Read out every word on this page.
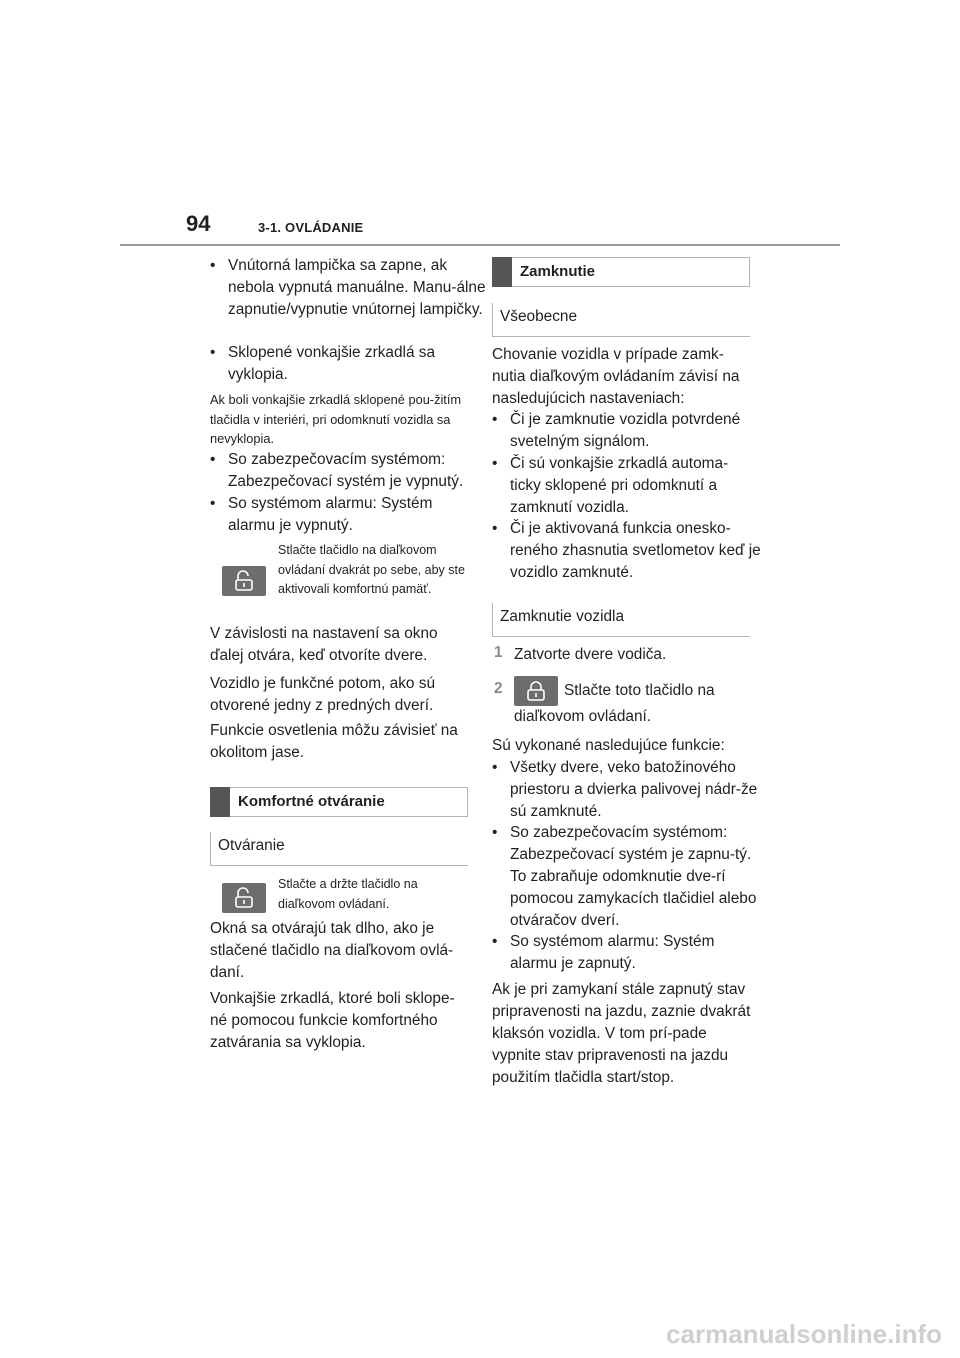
94	3-1. OVLÁDANIE
• Vnútorná lampička sa zapne, ak nebola vypnutá manuálne. Manu-álne zapnutie/vypnutie vnútornej lampičky.
• Sklopené vonkajšie zrkadlá sa vyklopia.
Ak boli vonkajšie zrkadlá sklopené pou-žitím tlačidla v interiéri, pri odomknutí vozidla sa nevyklopia.
• So zabezpečovacím systémom: Zabezpečovací systém je vypnutý.
• So systémom alarmu: Systém alarmu je vypnutý.
Stlačte tlačidlo na diaľkovom ovládaní dvakrát po sebe, aby ste aktivovali komfortnú pamäť.
V závislosti na nastavení sa okno ďalej otvára, keď otvoríte dvere.
Vozidlo je funkčné potom, ako sú otvorené jedny z predných dverí.
Funkcie osvetlenia môžu závisieť na okolitom jase.
Komfortné otváranie
Otváranie
Stlačte a držte tlačidlo na diaľkovom ovládaní.
Okná sa otvárajú tak dlho, ako je stlačené tlačidlo na diaľkovom ovlá-daní.
Vonkajšie zrkadlá, ktoré boli sklope-né pomocou funkcie komfortného zatvárania sa vyklopia.
Zamknutie
Všeobecne
Chovanie vozidla v prípade zamk-nutia diaľkovým ovládaním závisí na nasledujúcich nastaveniach:
• Či je zamknutie vozidla potvrdené svetelným signálom.
• Či sú vonkajšie zrkadlá automa-ticky sklopené pri odomknutí a zamknutí vozidla.
• Či je aktivovaná funkcia onesko-reného zhasnutia svetlometov keď je vozidlo zamknuté.
Zamknutie vozidla
1 Zatvorte dvere vodiča.
2	Stlačte toto tlačidlo na
diaľkovom ovládaní.
Sú vykonané nasledujúce funkcie:
• Všetky dvere, veko batožinového priestoru a dvierka palivovej nádr-že sú zamknuté.
• So zabezpečovacím systémom: Zabezpečovací systém je zapnu-tý. To zabraňuje odomknutie dve-rí pomocou zamykacích tlačidiel alebo otváračov dverí.
• So systémom alarmu: Systém alarmu je zapnutý.
Ak je pri zamykaní stále zapnutý stav pripravenosti na jazdu, zaznie dvakrát klaksón vozidla. V tom prí-pade vypnite stav pripravenosti na jazdu použitím tlačidla start/stop.
carmanualsonline.info
